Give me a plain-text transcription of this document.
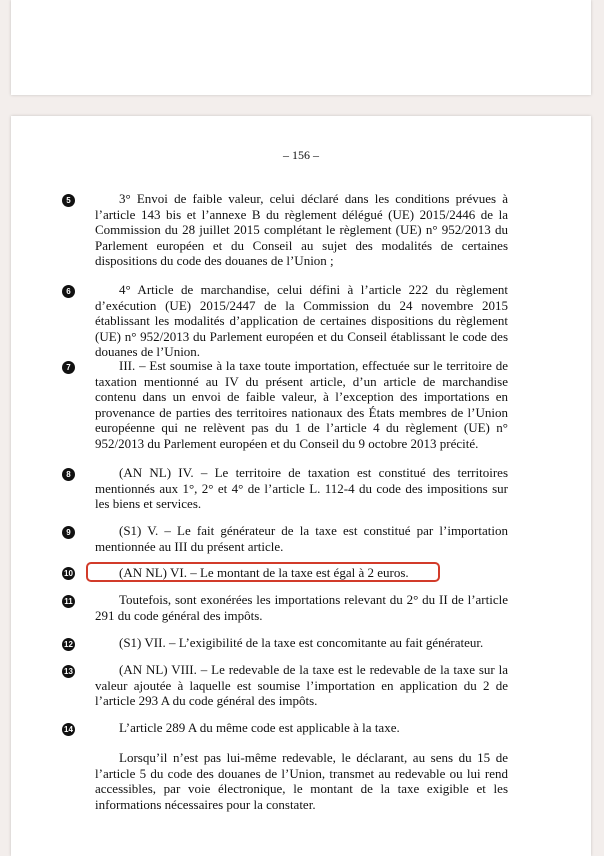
– 156 –
5	3° Envoi de faible valeur, celui déclaré dans les conditions prévues à l’article 143 bis et l’annexe B du règlement délégué (UE) 2015/2446 de la Commission du 28 juillet 2015 complétant le règlement (UE) n° 952/2013 du Parlement européen et du Conseil au sujet des modalités de certaines dispositions du code des douanes de l’Union ;
6	4° Article de marchandise, celui défini à l’article 222 du règlement d’exécution (UE) 2015/2447 de la Commission du 24 novembre 2015 établissant les modalités d’application de certaines dispositions du règlement (UE) n° 952/2013 du Parlement européen et du Conseil établissant le code des douanes de l’Union.
7	III. – Est soumise à la taxe toute importation, effectuée sur le territoire de taxation mentionné au IV du présent article, d’un article de marchandise contenu dans un envoi de faible valeur, à l’exception des importations en provenance de parties des territoires nationaux des États membres de l’Union européenne qui ne relèvent pas du 1 de l’article 4 du règlement (UE) n° 952/2013 du Parlement européen et du Conseil du 9 octobre 2013 précité.
8	(AN NL) IV. – Le territoire de taxation est constitué des territoires mentionnés aux 1°, 2° et 4° de l’article L. 112-4 du code des impositions sur les biens et services.
9	(S1) V. – Le fait générateur de la taxe est constitué par l’importation mentionnée au III du présent article.
10	(AN NL) VI. – Le montant de la taxe est égal à 2 euros.
11	Toutefois, sont exonérées les importations relevant du 2° du II de l’article 291 du code général des impôts.
12	(S1) VII. – L’exigibilité de la taxe est concomitante au fait générateur.
13	(AN NL) VIII. – Le redevable de la taxe est le redevable de la taxe sur la valeur ajoutée à laquelle est soumise l’importation en application du 2 de l’article 293 A du code général des impôts.
14	L’article 289 A du même code est applicable à la taxe.
Lorsqu’il n’est pas lui-même redevable, le déclarant, au sens du 15 de l’article 5 du code des douanes de l’Union, transmet au redevable ou lui rend accessibles, par voie électronique, le montant de la taxe exigible et les informations nécessaires pour la constater.
